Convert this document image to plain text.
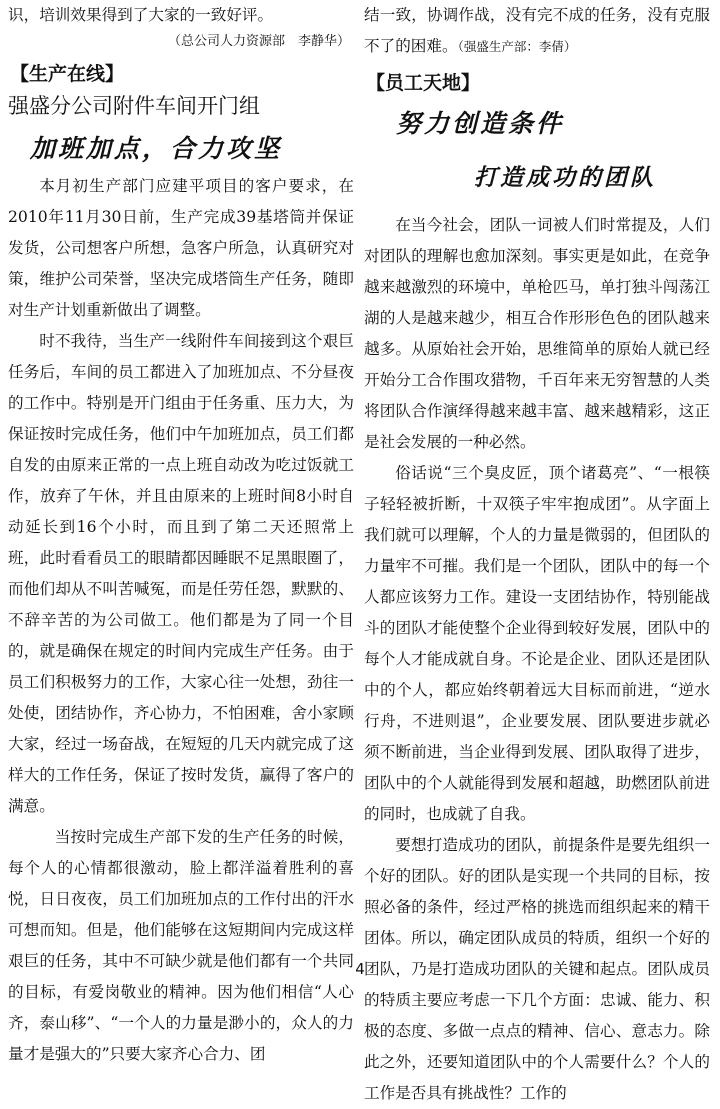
识，培训效果得到了大家的一致好评。

（总公司人力资源部　李静华）

【生产在线】
强盛分公司附件车间开门组
加班加点，合力攻坚

本月初生产部门应建平项目的客户要求，在2010年11月30日前，生产完成39基塔筒并保证发货，公司想客户所想，急客户所急，认真研究对策，维护公司荣誉，坚决完成塔筒生产任务，随即对生产计划重新做出了调整。

时不我待，当生产一线附件车间接到这个艰巨任务后，车间的员工都进入了加班加点、不分昼夜的工作中。特别是开门组由于任务重、压力大，为保证按时完成任务，他们中午加班加点，员工们都自发的由原来正常的一点上班自动改为吃过饭就工作，放弃了午休，并且由原来的上班时间8小时自动延长到16个小时，而且到了第二天还照常上班，此时看看员工的眼睛都因睡眠不足黑眼圈了，而他们却从不叫苦喊冤，而是任劳任怨，默默的、不辞辛苦的为公司做工。他们都是为了同一个目的，就是确保在规定的时间内完成生产任务。由于员工们积极努力的工作，大家心往一处想，劲往一处使，团结协作，齐心协力，不怕困难，舍小家顾大家，经过一场奋战，在短短的几天内就完成了这样大的工作任务，保证了按时发货，赢得了客户的满意。

当按时完成生产部下发的生产任务的时候，每个人的心情都很激动，脸上都洋溢着胜利的喜悦，日日夜夜，员工们加班加点的工作付出的汗水可想而知。但是，他们能够在这短期间内完成这样艰巨的任务，其中不可缺少就是他们都有一个共同的目标，有爱岗敬业的精神。因为他们相信“人心齐，泰山移”、“一个人的力量是渺小的，众人的力量才是强大的”只要大家齐心合力、团

结一致，协调作战，没有完不成的任务，没有克服不了的困难。（强盛生产部：李倩）

【员工天地】
努力创造条件
打造成功的团队

在当今社会，团队一词被人们时常提及，人们对团队的理解也愈加深刻。事实更是如此，在竞争越来越激烈的环境中，单枪匹马，单打独斗闯荡江湖的人是越来越少，相互合作形形色色的团队越来越多。从原始社会开始，思维简单的原始人就已经开始分工合作围攻猎物，千百年来无穷智慧的人类将团队合作演绎得越来越丰富、越来越精彩，这正是社会发展的一种必然。

俗话说“三个臭皮匠，顶个诸葛亮”、“一根筷子轻轻被折断，十双筷子牢牢抱成团”。从字面上我们就可以理解，个人的力量是微弱的，但团队的力量牢不可摧。我们是一个团队，团队中的每一个人都应该努力工作。建设一支团结协作，特别能战斗的团队才能使整个企业得到较好发展，团队中的每个人才能成就自身。不论是企业、团队还是团队中的个人，都应始终朝着远大目标而前进，“逆水行舟，不进则退”，企业要发展、团队要进步就必须不断前进，当企业得到发展、团队取得了进步，团队中的个人就能得到发展和超越，助燃团队前进的同时，也成就了自我。

要想打造成功的团队，前提条件是要先组织一个好的团队。好的团队是实现一个共同的目标，按照必备的条件，经过严格的挑选而组织起来的精干团体。所以，确定团队成员的特质，组织一个好的团队，乃是打造成功团队的关键和起点。团队成员的特质主要应考虑一下几个方面：忠诚、能力、积极的态度、多做一点点的精神、信心、意志力。除此之外，还要知道团队中的个人需要什么？个人的工作是否具有挑战性？工作的

4
